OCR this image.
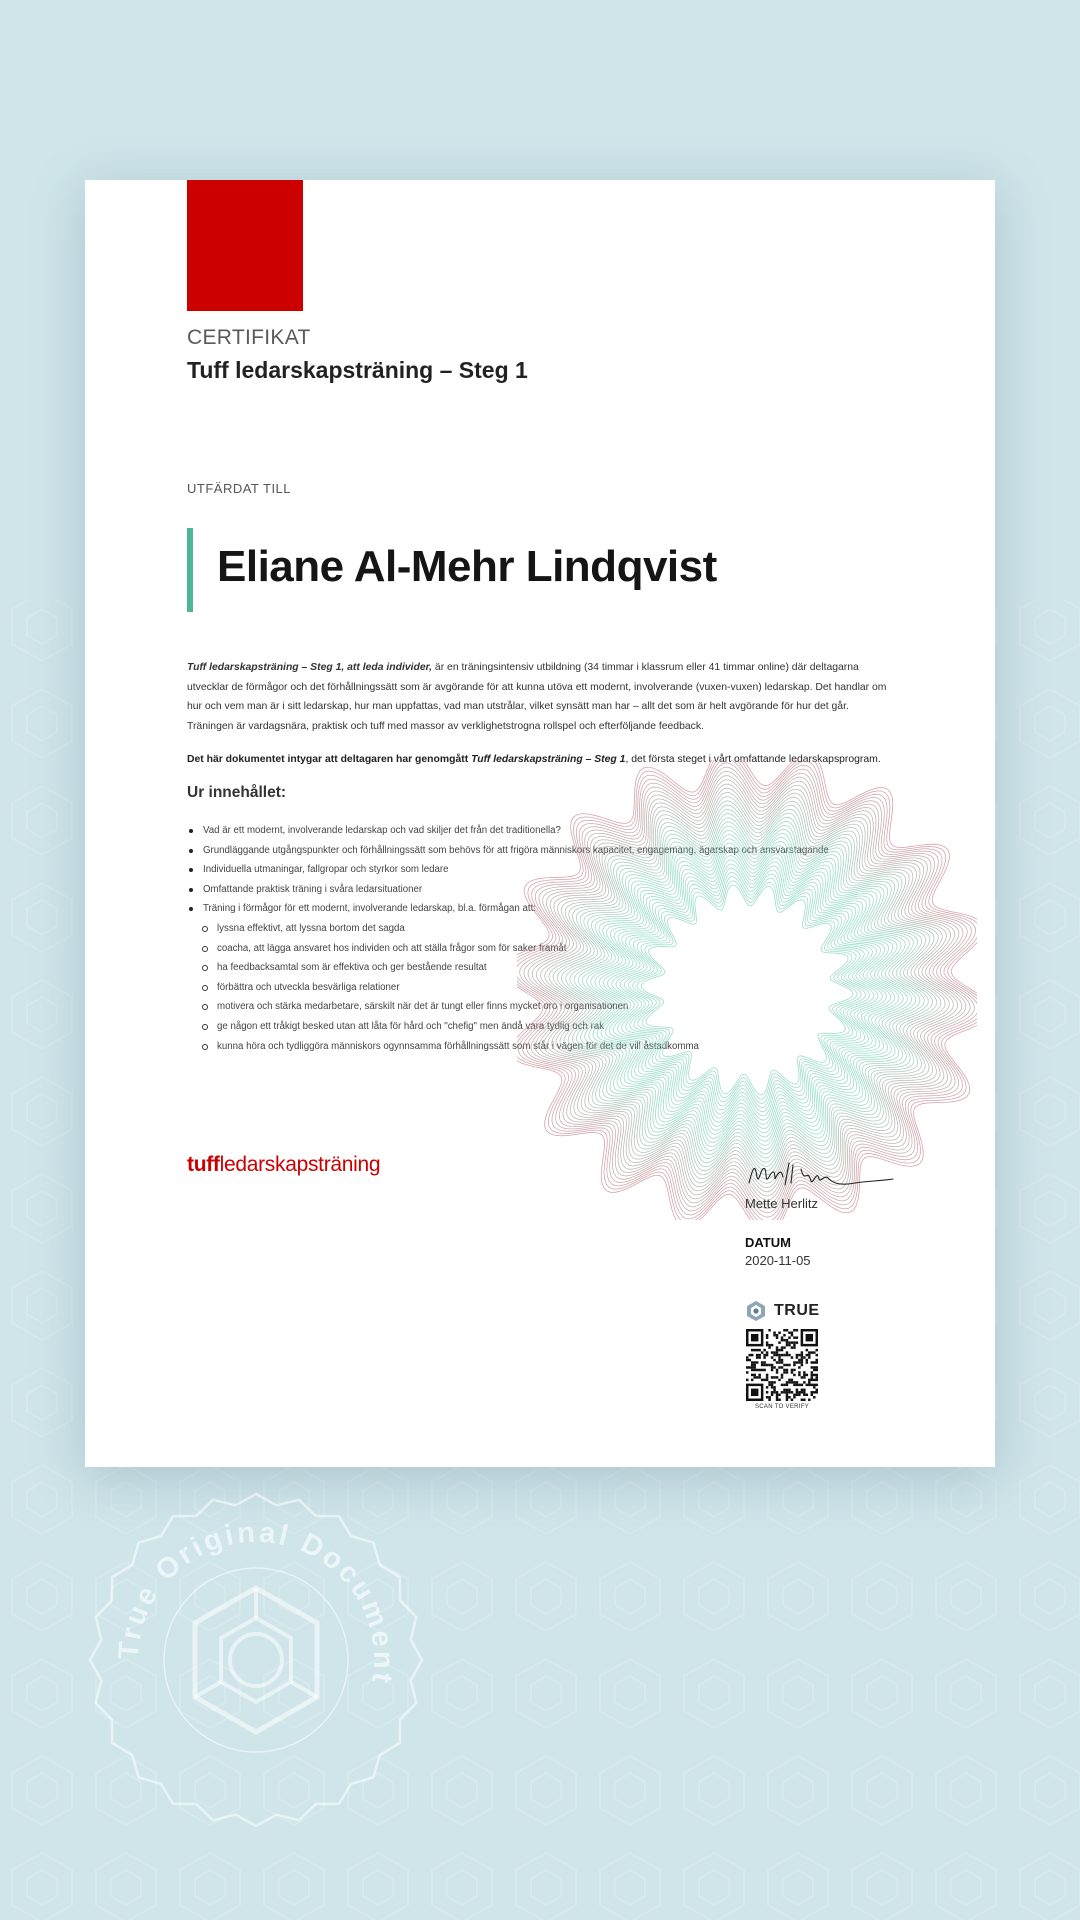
CERTIFIKAT
Tuff ledarskapsträning – Steg 1
UTFÄRDAT TILL
Eliane Al-Mehr Lindqvist

Tuff ledarskapsträning – Steg 1, att leda individer, är en träningsintensiv utbildning (34 timmar i klassrum eller 41 timmar online) där deltagarna utvecklar de förmågor och det förhållningssätt som är avgörande för att kunna utöva ett modernt, involverande (vuxen-vuxen) ledarskap. Det handlar om hur och vem man är i sitt ledarskap, hur man uppfattas, vad man utstrålar, vilket synsätt man har – allt det som är helt avgörande för hur det går. Träningen är vardagsnära, praktisk och tuff med massor av verklighetstrogna rollspel och efterföljande feedback.

Det här dokumentet intygar att deltagaren har genomgått Tuff ledarskapsträning – Steg 1, det första steget i vårt omfattande ledarskapsprogram.

Ur innehållet:
Vad är ett modernt, involverande ledarskap och vad skiljer det från det traditionella?
Grundläggande utgångspunkter och förhållningssätt som behövs för att frigöra människors kapacitet, engagemang, ägarskap och ansvarstagande
Individuella utmaningar, fallgropar och styrkor som ledare
Omfattande praktisk träning i svåra ledarsituationer
Träning i förmågor för ett modernt, involverande ledarskap, bl.a. förmågan att:
lyssna effektivt, att lyssna bortom det sagda
coacha, att lägga ansvaret hos individen och att ställa frågor som för saker framåt
ha feedbacksamtal som är effektiva och ger bestående resultat
förbättra och utveckla besvärliga relationer
motivera och stärka medarbetare, särskilt när det är tungt eller finns mycket oro i organisationen
ge någon ett tråkigt besked utan att låta för hård och "chefig" men ändå vara tydlig och rak
kunna höra och tydliggöra människors ogynnsamma förhållningssätt som står i vägen för det de vill åstadkomma
tuffledarskapsträning
Mette Herlitz
DATUM
2020-11-05
TRUE
SCAN TO VERIFY
True Original Document
